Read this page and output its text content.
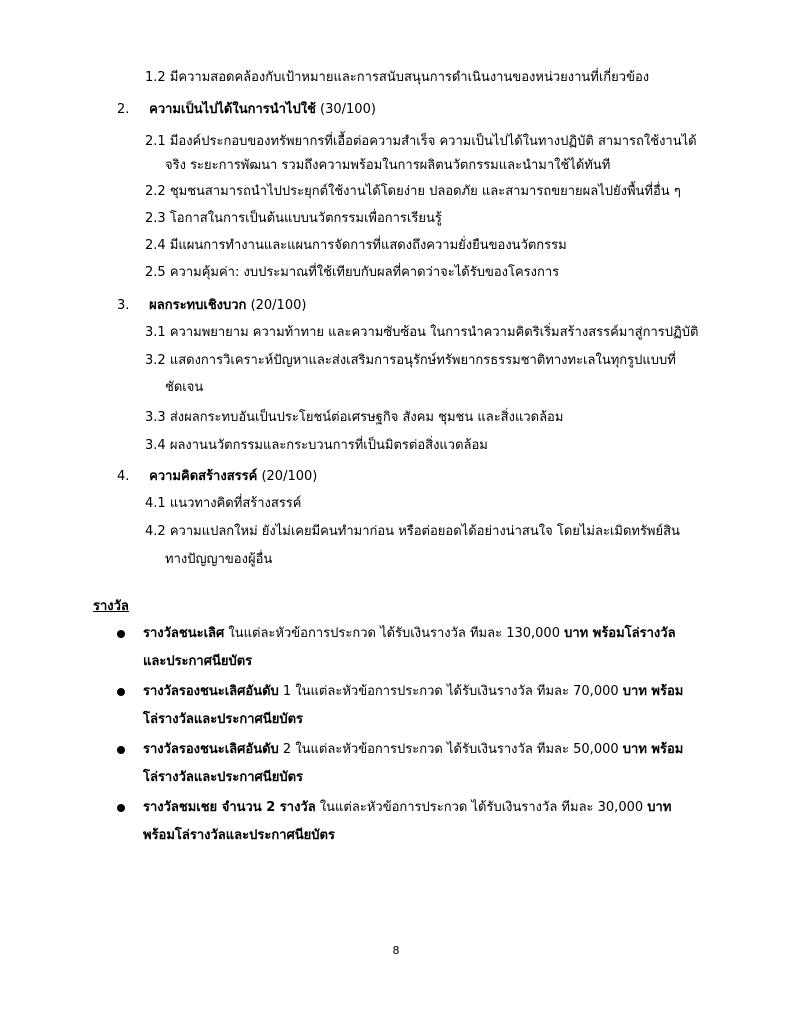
1.2 มีความสอดคล้องกับเป้าหมายและการสนับสนุนการดำเนินงานของหน่วยงานที่เกี่ยวข้อง
2. ความเป็นไปได้ในการนำไปใช้ (30/100)
2.1 มีองค์ประกอบของทรัพยากรที่เอื้อต่อความสำเร็จ ความเป็นไปได้ในทางปฏิบัติ สามารถใช้งานได้
จริง ระยะการพัฒนา รวมถึงความพร้อมในการผลิตนวัตกรรมและนำมาใช้ได้ทันที
2.2 ชุมชนสามารถนำไปประยุกต์ใช้งานได้โดยง่าย ปลอดภัย และสามารถขยายผลไปยังพื้นที่อื่น ๆ
2.3 โอกาสในการเป็นต้นแบบนวัตกรรมเพื่อการเรียนรู้
2.4 มีแผนการทำงานและแผนการจัดการที่แสดงถึงความยั่งยืนของนวัตกรรม
2.5 ความคุ้มค่า: งบประมาณที่ใช้เทียบกับผลที่คาดว่าจะได้รับของโครงการ
3. ผลกระทบเชิงบวก (20/100)
3.1 ความพยายาม ความท้าทาย และความซับซ้อน ในการนำความคิดริเริ่มสร้างสรรค์มาสู่การปฏิบัติ
3.2 แสดงการวิเคราะห์ปัญหาและส่งเสริมการอนุรักษ์ทรัพยากรธรรมชาติทางทะเลในทุกรูปแบบที่
ชัดเจน
3.3 ส่งผลกระทบอันเป็นประโยชน์ต่อเศรษฐกิจ สังคม ชุมชน และสิ่งแวดล้อม
3.4 ผลงานนวัตกรรมและกระบวนการที่เป็นมิตรต่อสิ่งแวดล้อม
4. ความคิดสร้างสรรค์ (20/100)
4.1 แนวทางคิดที่สร้างสรรค์
4.2 ความแปลกใหม่ ยังไม่เคยมีคนทำมาก่อน หรือต่อยอดได้อย่างน่าสนใจ โดยไม่ละเมิดทรัพย์สิน
ทางปัญญาของผู้อื่น
รางวัล
รางวัลชนะเลิศ ในแต่ละหัวข้อการประกวด ได้รับเงินรางวัล ทีมละ 130,000 บาท พร้อมโล่รางวัล
และประกาศนียบัตร
รางวัลรองชนะเลิศอันดับ 1 ในแต่ละหัวข้อการประกวด ได้รับเงินรางวัล ทีมละ 70,000 บาท พร้อม
โล่รางวัลและประกาศนียบัตร
รางวัลรองชนะเลิศอันดับ 2 ในแต่ละหัวข้อการประกวด ได้รับเงินรางวัล ทีมละ 50,000 บาท พร้อม
โล่รางวัลและประกาศนียบัตร
รางวัลชมเชย จำนวน 2 รางวัล ในแต่ละหัวข้อการประกวด ได้รับเงินรางวัล ทีมละ 30,000 บาท
พร้อมโล่รางวัลและประกาศนียบัตร
8
